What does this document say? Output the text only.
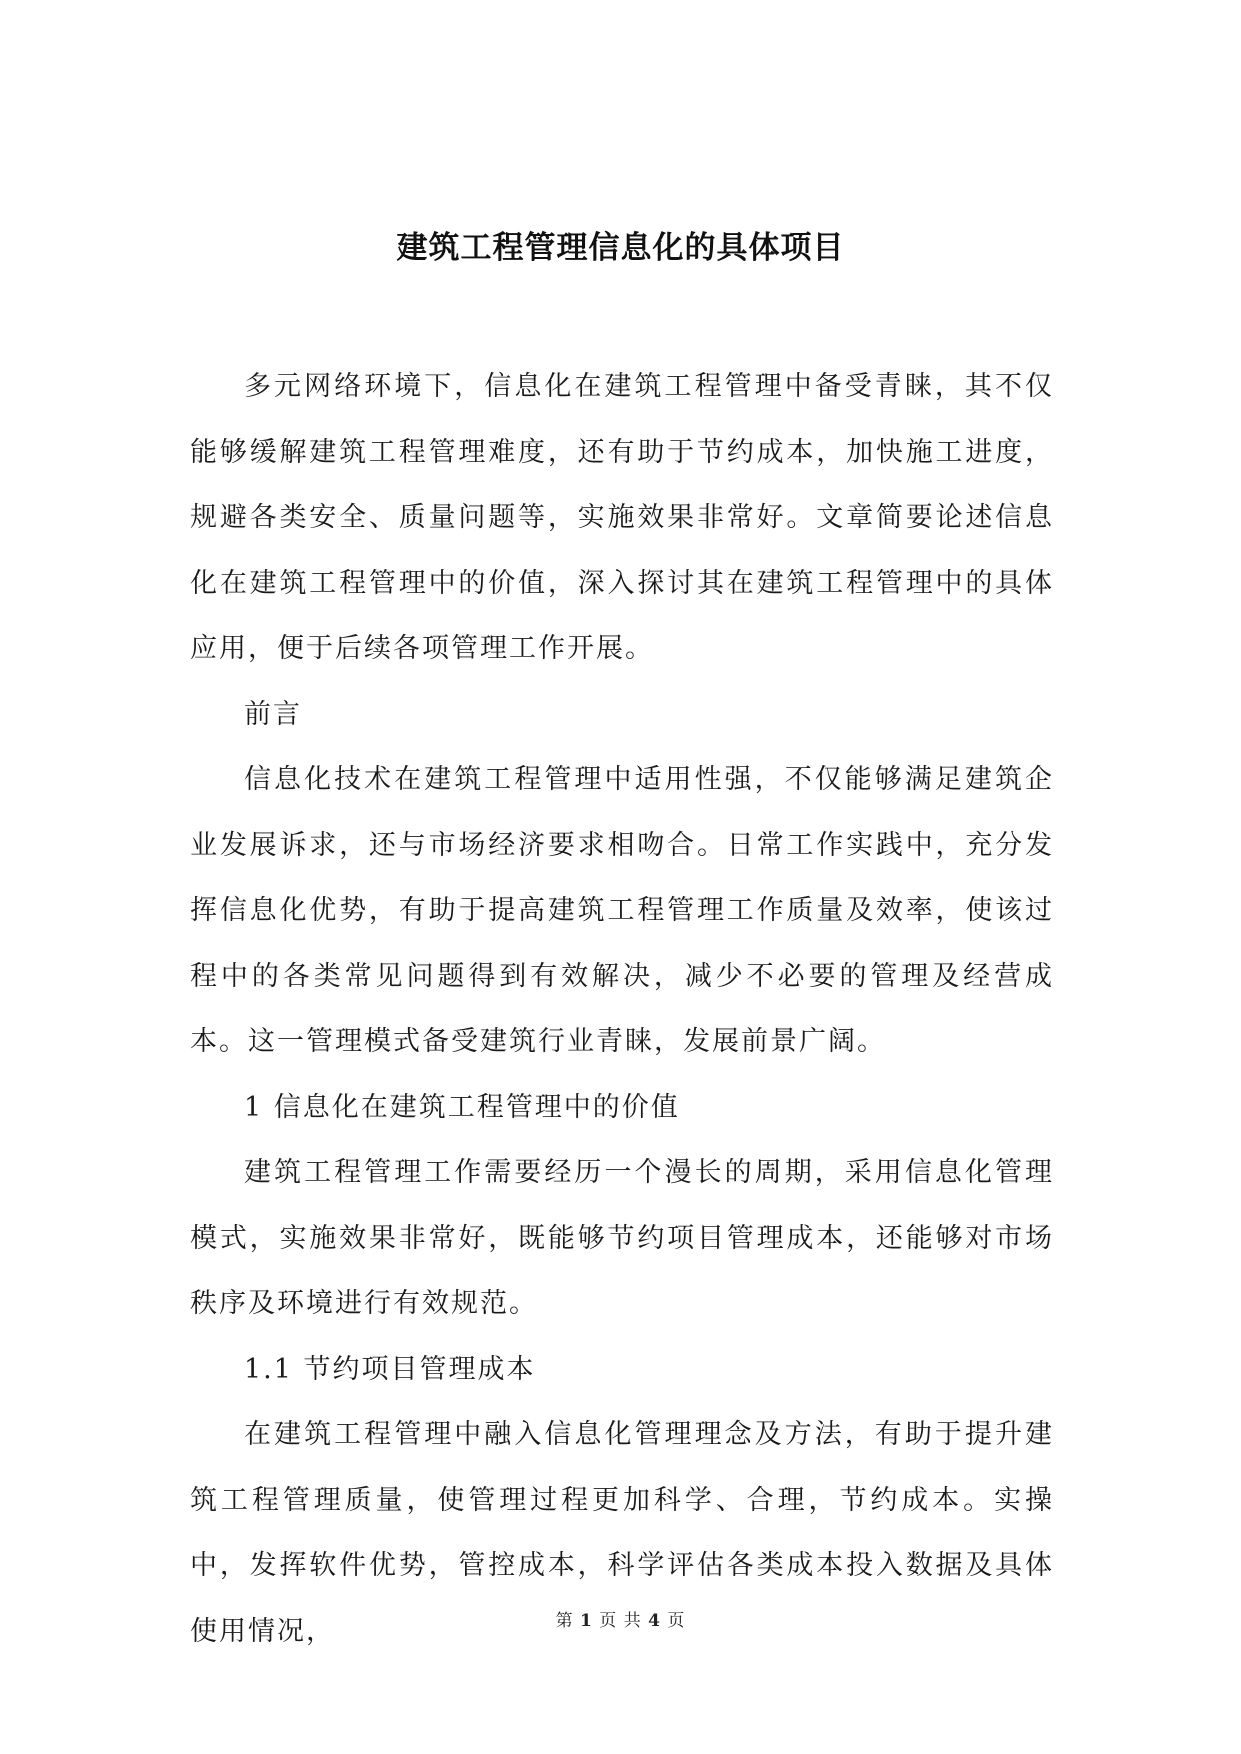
建筑工程管理信息化的具体项目

多元网络环境下，信息化在建筑工程管理中备受青睐，其不仅能够缓解建筑工程管理难度，还有助于节约成本，加快施工进度，规避各类安全、质量问题等，实施效果非常好。文章简要论述信息化在建筑工程管理中的价值，深入探讨其在建筑工程管理中的具体应用，便于后续各项管理工作开展。

前言

信息化技术在建筑工程管理中适用性强，不仅能够满足建筑企业发展诉求，还与市场经济要求相吻合。日常工作实践中，充分发挥信息化优势，有助于提高建筑工程管理工作质量及效率，使该过程中的各类常见问题得到有效解决，减少不必要的管理及经营成本。这一管理模式备受建筑行业青睐，发展前景广阔。

1 信息化在建筑工程管理中的价值

建筑工程管理工作需要经历一个漫长的周期，采用信息化管理模式，实施效果非常好，既能够节约项目管理成本，还能够对市场秩序及环境进行有效规范。

1.1 节约项目管理成本

在建筑工程管理中融入信息化管理理念及方法，有助于提升建筑工程管理质量，使管理过程更加科学、合理，节约成本。实操中，发挥软件优势，管控成本，科学评估各类成本投入数据及具体使用情况，	第 1 页 共 4 页
